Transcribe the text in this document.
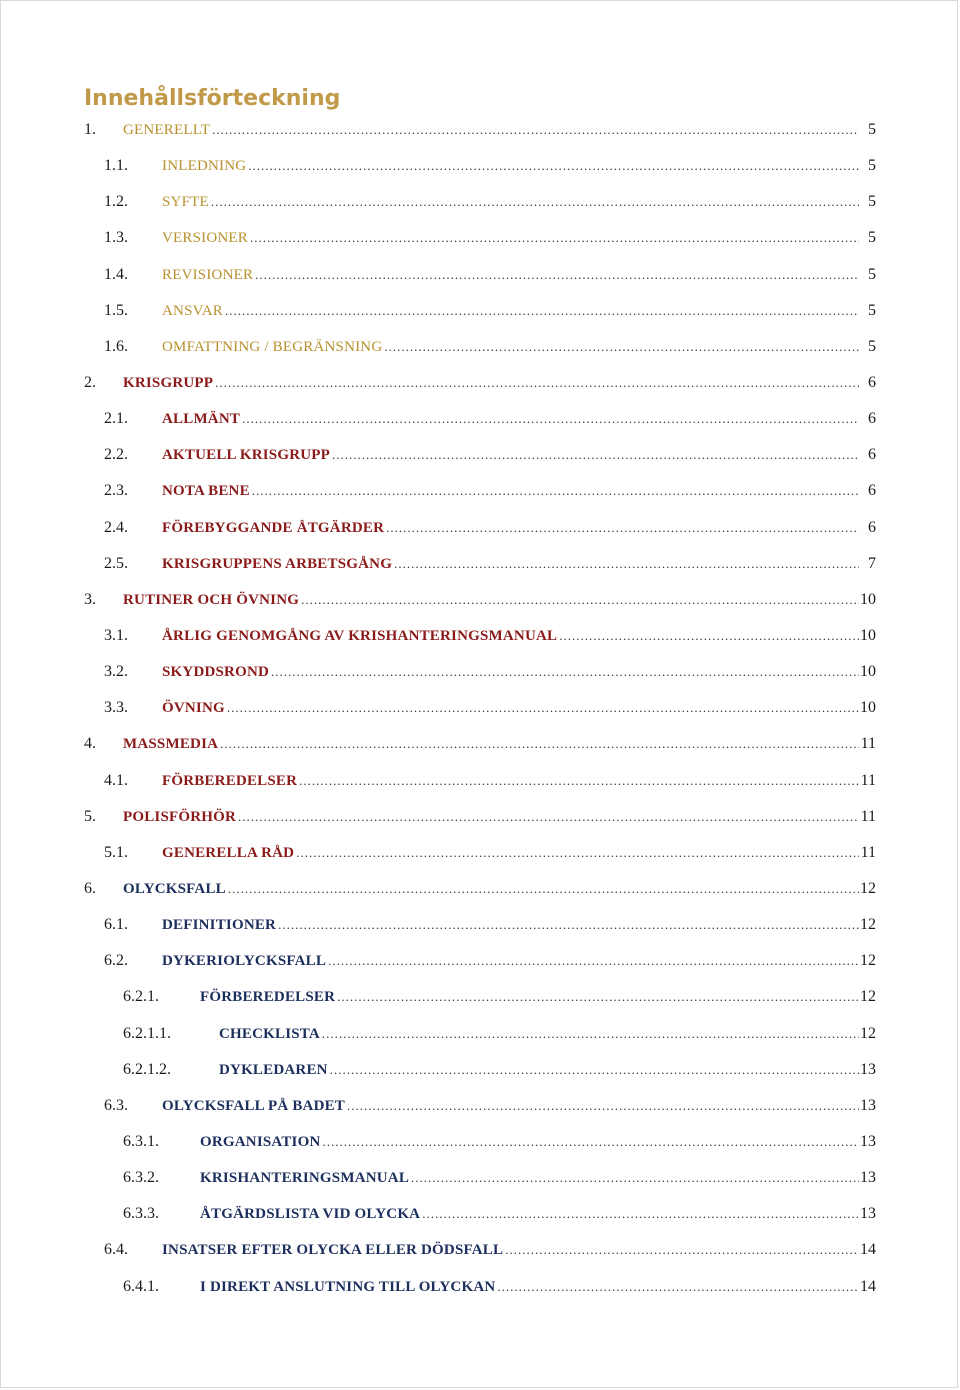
Innehållsförteckning
1. GENERELLT .....	5
1.1. INLEDNING .....	5
1.2. SYFTE .....	5
1.3. VERSIONER .....	5
1.4. REVISIONER .....	5
1.5. ANSVAR .....	5
1.6. OMFATTNING / BEGRÄNSNING .....	5
2. KRISGRUPP .....	6
2.1. ALLMÄNT .....	6
2.2. AKTUELL KRISGRUPP .....	6
2.3. NOTA BENE .....	6
2.4. FÖREBYGGANDE ÅTGÄRDER .....	6
2.5. KRISGRUPPENS ARBETSGÅNG .....	7
3. RUTINER OCH ÖVNING .....	10
3.1. ÅRLIG GENOMGÅNG AV KRISHANTERINGSMANUAL .....	10
3.2. SKYDDSROND .....	10
3.3. ÖVNING .....	10
4. MASSMEDIA .....	11
4.1. FÖRBEREDELSER .....	11
5. POLISFÖRHÖR .....	11
5.1. GENERELLA RÅD .....	11
6. OLYCKSFALL .....	12
6.1. DEFINITIONER .....	12
6.2. DYKERIOLYCKSFALL .....	12
6.2.1.	FÖRBEREDELSER .....	12
6.2.1.1.	CHECKLISTA .....	12
6.2.1.2.	DYKLEDAREN .....	13
6.3. OLYCKSFALL PÅ BADET .....	13
6.3.1.	ORGANISATION .....	13
6.3.2.	KRISHANTERINGSMANUAL .....	13
6.3.3.	ÅTGÄRDSLISTA VID OLYCKA .....	13
6.4. INSATSER EFTER OLYCKA ELLER DÖDSFALL .....	14
6.4.1.	I DIREKT ANSLUTNING TILL OLYCKAN .....	14
